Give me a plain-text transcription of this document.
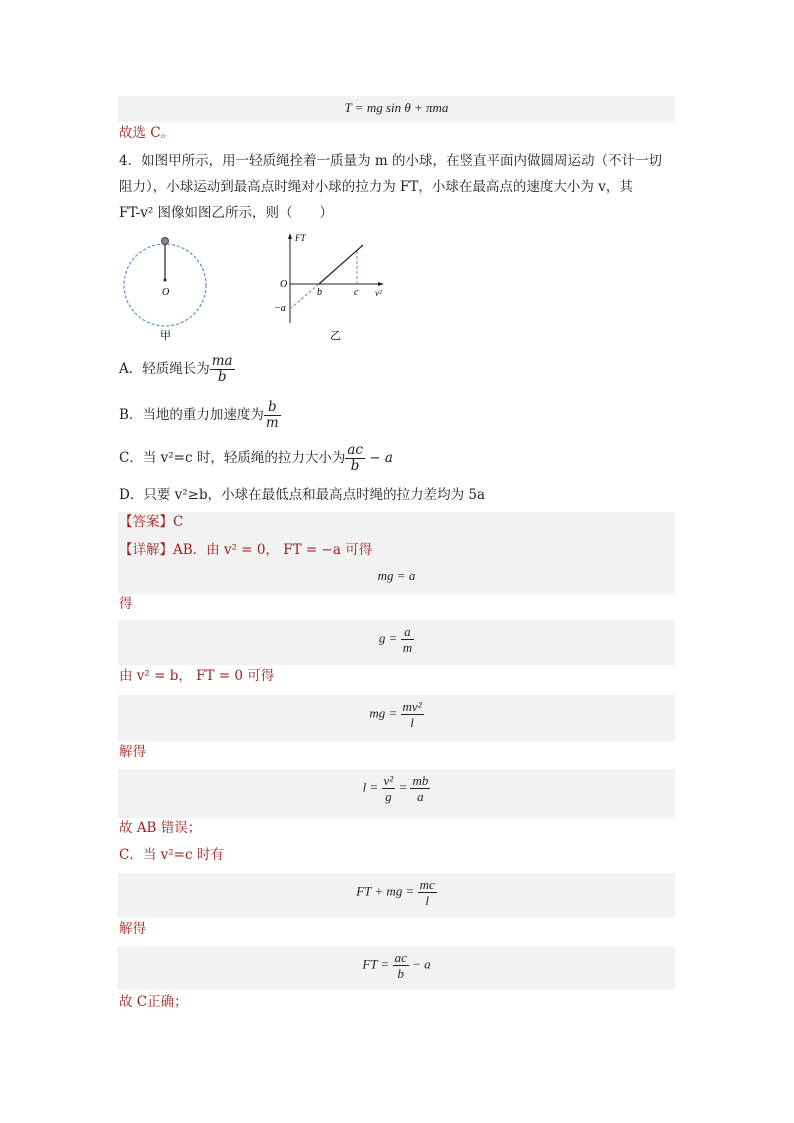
T = mg sin θ + πma
故选 C。
4．如图甲所示，用一轻质绳拴着一质量为 m 的小球，在竖直平面内做圆周运动（不计一切
阻力），小球运动到最高点时绳对小球的拉力为 FT，小球在最高点的速度大小为 v，其
FT-v² 图像如图乙所示，则（　　）
O
甲
FT
O
b	c v²
−a
乙
A．轻质绳长为 $\frac{ma}{b}$
B．当地的重力加速度为 $\frac{b}{m}$
C．当 v²=c 时，轻质绳的拉力大小为 $\frac{ac}{b} - a$
D．只要 v²≥b，小球在最低点和最高点时绳的拉力差均为 5a
【答案】C
【详解】AB．由 v² = 0， FT = −a 可得
mg = a
得
$g = \frac{a}{m}$
由 v² = b， FT = 0 可得
mg = $\frac{\text{mv²}}{l}$
解得
$l = \frac{\text{v²}}{g} = \frac{mb}{a}$
故 AB 错误；
C．当 v²=c 时有
FT + mg = $\frac{mc}{l}$
解得
FT = $\frac{ac}{b} - a$
故 C正确；
